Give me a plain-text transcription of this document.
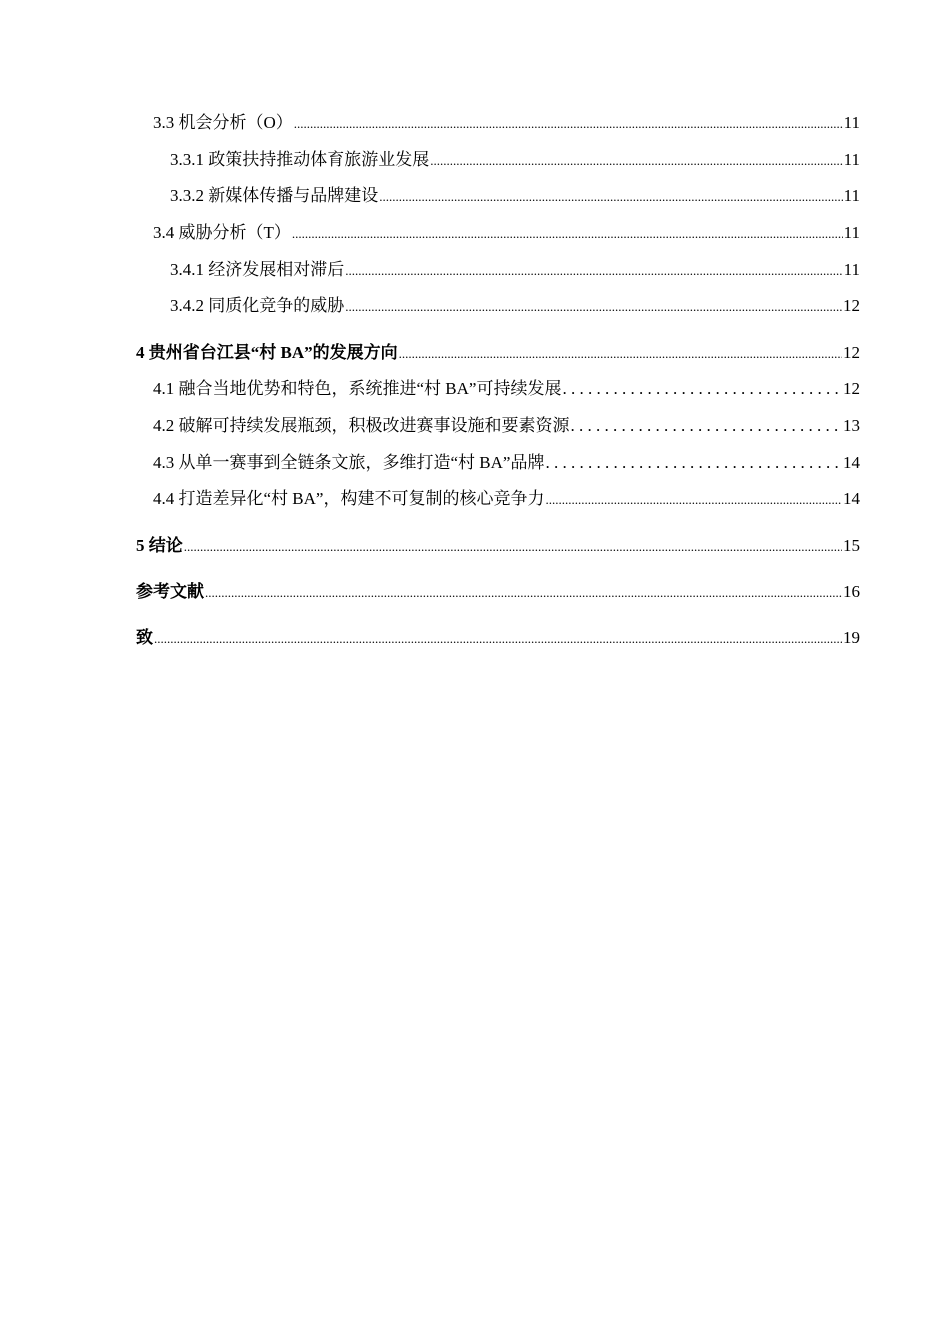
3.3 机会分析（O） .....	11
3.3.1 政策扶持推动体育旅游业发展 .....	11
3.3.2 新媒体传播与品牌建设 .....	11
3.4 威胁分析（T） .....	11
3.4.1 经济发展相对滞后 .....	11
3.4.2 同质化竞争的威胁 .....	12
4 贵州省台江县“村 BA”的发展方向 .....	12
4.1 融合当地优势和特色，系统推进“村 BA”可持续发展 . . .	12
4.2 破解可持续发展瓶颈，积极改进赛事设施和要素资源 . . .	13
4.3 从单一赛事到全链条文旅，多维打造“村 BA”品牌 . . .	14
4.4 打造差异化“村 BA”，构建不可复制的核心竞争力 .....	14
5 结论 .....	15
参考文献 .....	16
致 .....	19
